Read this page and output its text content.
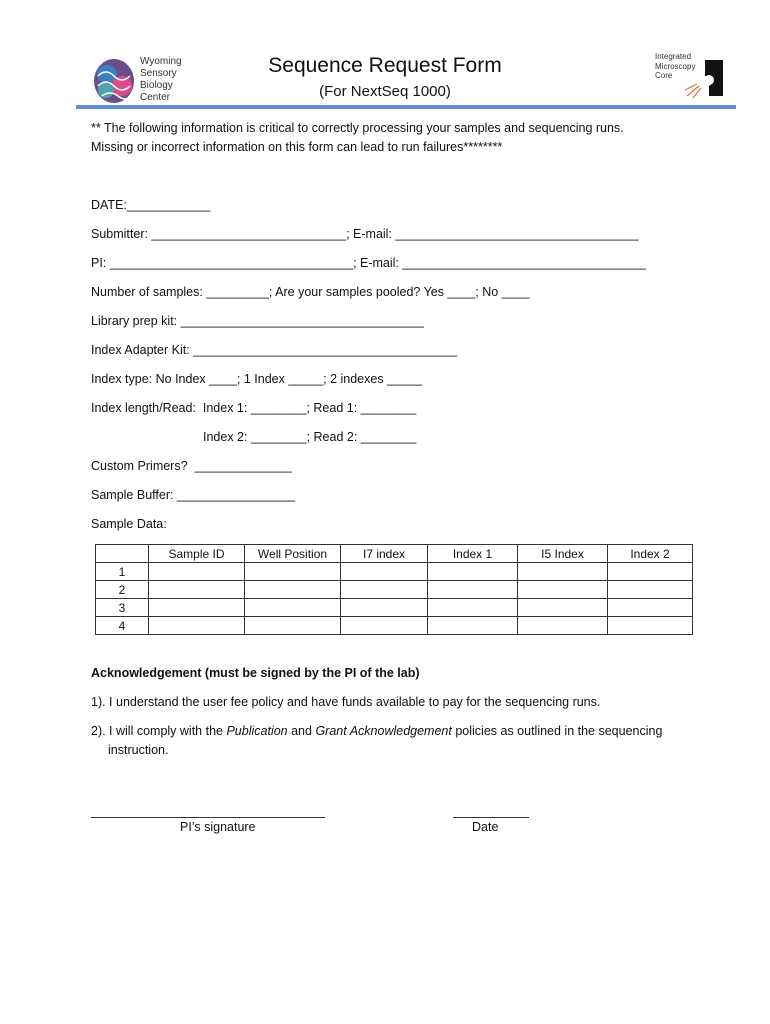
Wyoming
Sensory
Biology
Center
Sequence Request Form
(For NextSeq 1000)
Integrated
Microscopy
Core
** The following information is critical to correctly processing your samples and sequencing runs.
Missing or incorrect information on this form can lead to run failures********
DATE:____________
Submitter: ____________________________; E-mail: ___________________________________
PI: ___________________________________; E-mail: ___________________________________
Number of samples: _________; Are your samples pooled? Yes ____; No ____
Library prep kit: ___________________________________
Index Adapter Kit: ______________________________________
Index type: No Index ____; 1 Index _____; 2 indexes _____
Index length/Read:  Index 1: ________; Read 1: ________
Index 2: ________; Read 2: ________
Custom Primers?  ______________
Sample Buffer: _________________
Sample Data:
	Sample ID	Well Position	I7 index	Index 1	I5 Index	Index 2
1						
2						
3						
4						
Acknowledgement (must be signed by the PI of the lab)
1). I understand the user fee policy and have funds available to pay for the sequencing runs.
2). I will comply with the Publication and Grant Acknowledgement policies as outlined in the sequencing
instruction.
PI’s signature	Date
